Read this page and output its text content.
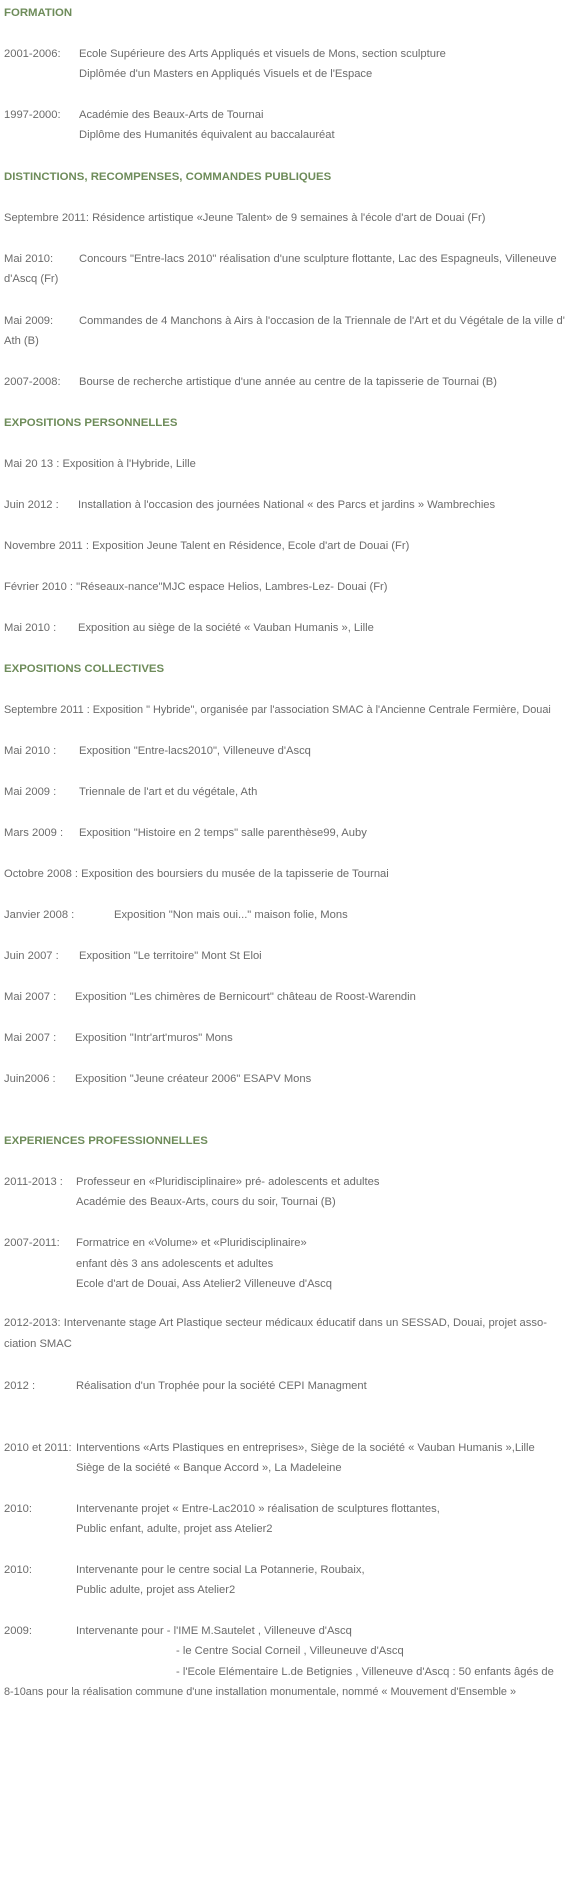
FORMATION
2001-2006: Ecole Supérieure des Arts Appliqués et visuels de Mons, section sculpture
Diplômée d'un Masters en Appliqués Visuels et de l'Espace
1997-2000: Académie des Beaux-Arts de Tournai
Diplôme des Humanités équivalent au baccalauréat
DISTINCTIONS, RECOMPENSES, COMMANDES PUBLIQUES
Septembre 2011: Résidence artistique «Jeune Talent» de 9 semaines à l'école d'art de Douai (Fr)
Mai 2010: Concours "Entre-lacs 2010" réalisation d'une sculpture flottante, Lac des Espagneuls, Villeneuve
d'Ascq (Fr)
Mai 2009: Commandes de 4 Manchons à Airs à l'occasion de la Triennale de l'Art et du Végétale de la ville d'
Ath (B)
2007-2008: Bourse de recherche artistique d'une année au centre de la tapisserie de Tournai (B)
EXPOSITIONS PERSONNELLES
Mai 20 13 : Exposition à l'Hybride, Lille
Juin 2012 : Installation à l'occasion des journées National « des Parcs et jardins » Wambrechies
Novembre 2011 : Exposition Jeune Talent en Résidence, Ecole d'art de Douai (Fr)
Février 2010 : "Réseaux-nance"MJC espace Helios, Lambres-Lez- Douai (Fr)
Mai 2010 : Exposition au siège de la société « Vauban Humanis », Lille
EXPOSITIONS COLLECTIVES
Septembre 2011 : Exposition " Hybride", organisée par l'association SMAC à l'Ancienne Centrale Fermière, Douai
Mai 2010 : Exposition "Entre-lacs2010", Villeneuve d'Ascq
Mai 2009 : Triennale de l'art et du végétale, Ath
Mars 2009 : Exposition "Histoire en 2 temps" salle parenthèse99, Auby
Octobre 2008 : Exposition des boursiers du musée de la tapisserie de Tournai
Janvier 2008 :	Exposition "Non mais oui..." maison folie, Mons
Juin 2007 : Exposition "Le territoire" Mont St Eloi
Mai 2007 : Exposition "Les chimères de Bernicourt" château de Roost-Warendin
Mai 2007 : Exposition "Intr'art'muros" Mons
Juin2006 : Exposition "Jeune créateur 2006" ESAPV Mons
EXPERIENCES PROFESSIONNELLES
2011-2013 : Professeur en «Pluridisciplinaire» pré- adolescents et adultes
Académie des Beaux-Arts, cours du soir, Tournai (B)
2007-2011: Formatrice en «Volume» et «Pluridisciplinaire»
enfant dès 3 ans adolescents et adultes
Ecole d'art de Douai, Ass Atelier2 Villeneuve d'Ascq
2012-2013: Intervenante stage Art Plastique secteur médicaux éducatif dans un SESSAD, Douai, projet asso-ciation SMAC
2012 :	Réalisation d'un Trophée pour la société CEPI Managment
2010 et 2011: Interventions «Arts Plastiques en entreprises», Siège de la société « Vauban Humanis »,Lille
Siège de la société « Banque Accord », La Madeleine
2010:	Intervenante projet « Entre-Lac2010 » réalisation de sculptures flottantes,
Public enfant, adulte, projet ass Atelier2
2010:	Intervenante pour le centre social La Potannerie, Roubaix,
Public adulte, projet ass Atelier2
2009:	Intervenante pour - l'IME M.Sautelet , Villeneuve d'Ascq
- le Centre Social Corneil , Villeuneuve d'Ascq
- l'Ecole Elémentaire L.de Betignies , Villeneuve d'Ascq : 50 enfants âgés de
8-10ans pour la réalisation commune d'une installation monumentale, nommé « Mouvement d'Ensemble »
